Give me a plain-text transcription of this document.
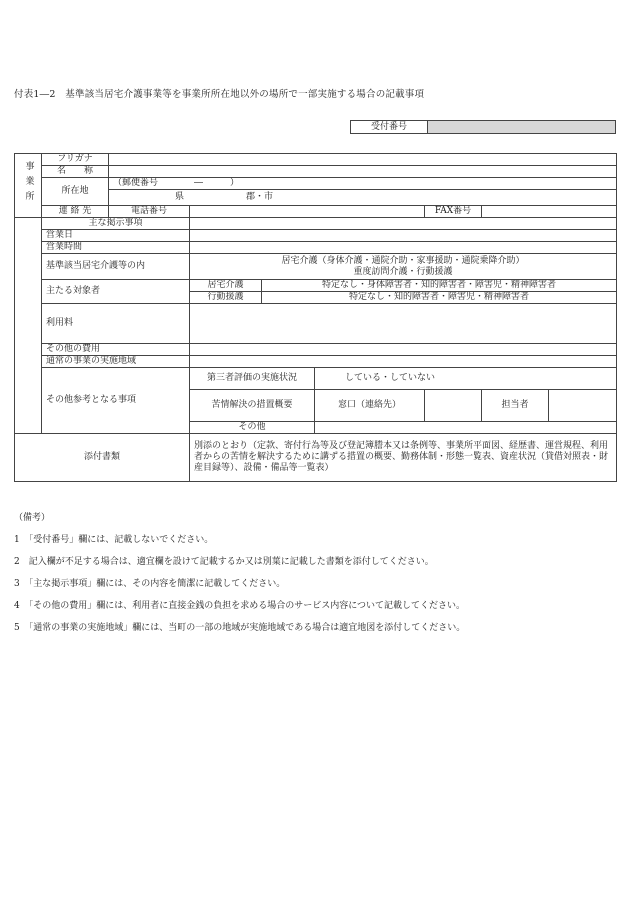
付表1―2　基準該当居宅介護事業等を事業所所在地以外の場所で一部実施する場合の記載事項
受付番号
事業所	フリガナ							
	名　　称							
	所在地	（郵便番号　　　　―　　　）						
		県 郡・市						
	連 絡 先	電話番号				FAX番号		
	主な掲示事項							
	営業日							
	営業時間							
	基準該当居宅介護等の内		居宅介護（身体介護・通院介助・家事援助・通院乗降介助）
重度訪問介護・行動援護					

	主たる対象者		居宅介護	特定なし・身体障害者・知的障害者・障害児・精神障害者				
			行動援護	特定なし・知的障害者・障害児・精神障害者				
	利用料							
	その他の費用							
	通常の事業の実施地域							
	その他参考となる事項		第三者評価の実施状況		している・していない			
			苦情解決の措置概要		窓口（連絡先）		担当者	
			その他					

添付書類			別添のとおり（定款、寄付行為等及び登記簿謄本又は条例等、事業所平面図、経歴書、運営規程、利用者からの苦情を解決するために講ずる措置の概要、勤務体制・形態一覧表、資産状況（貸借対照表・財産目録等）、設備・備品等一覧表）					
（備考）
1　「受付番号」欄には、記載しないでください。
2　記入欄が不足する場合は、適宜欄を設けて記載するか又は別葉に記載した書類を添付してください。
3　「主な掲示事項」欄には、その内容を簡潔に記載してください。
4　「その他の費用」欄には、利用者に直接金銭の負担を求める場合のサービス内容について記載してください。
5　「通常の事業の実施地域」欄には、当町の一部の地域が実施地域である場合は適宜地図を添付してください。
